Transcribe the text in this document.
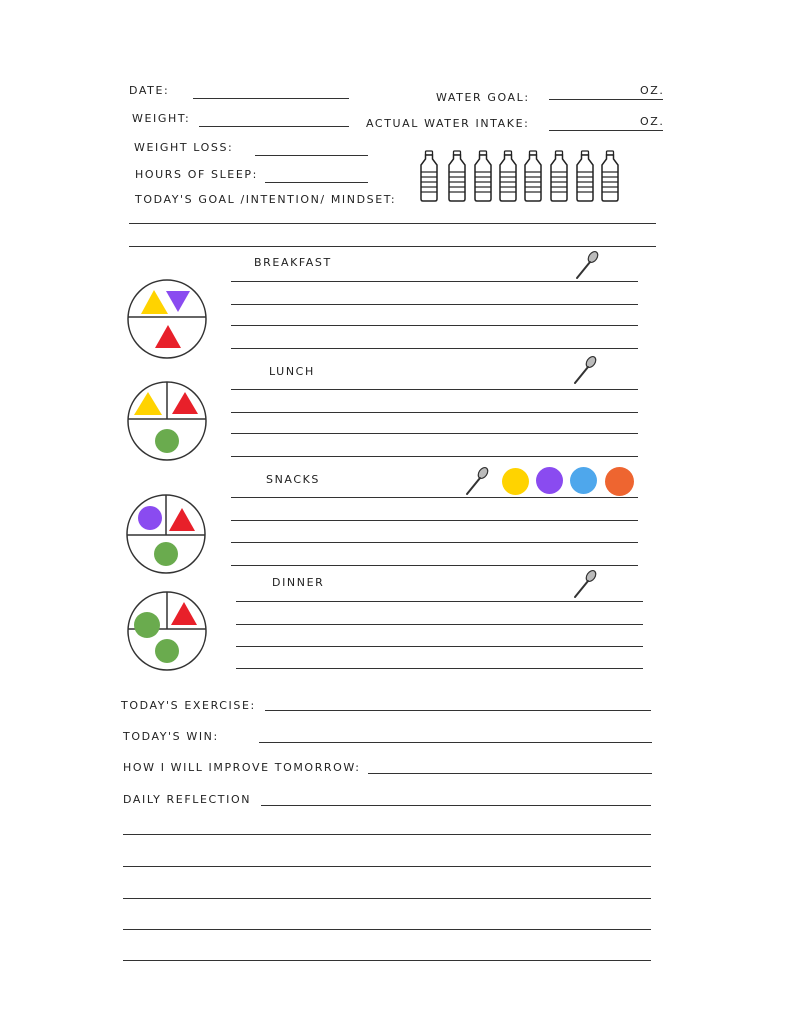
DATE:
WEIGHT:
WEIGHT LOSS:
HOURS OF SLEEP:
TODAY'S GOAL /INTENTION/ MINDSET:
WATER GOAL:
OZ.
ACTUAL WATER INTAKE:	OZ.
BREAKFAST
LUNCH
SNACKS
DINNER
TODAY'S EXERCISE:
TODAY'S WIN:
HOW I WILL IMPROVE TOMORROW:
DAILY REFLECTION
